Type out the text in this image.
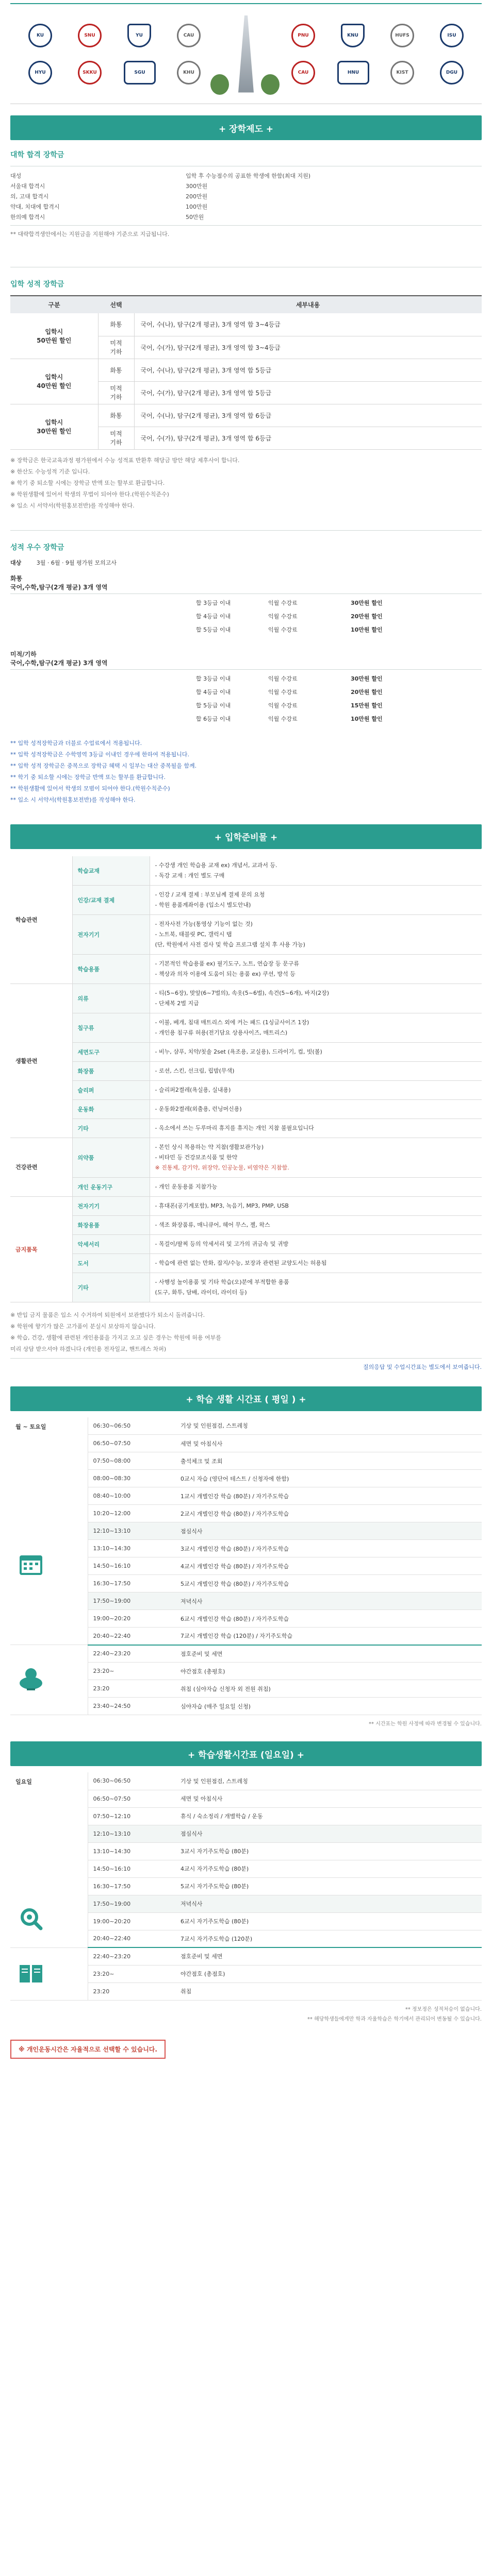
KU	SNU	YU	CAU
HYU	SKKU	SGU	KHU
PNU	KNU	HUFS	ISU
CAU	HNU	KIST	DGU
+ 장학제도 +
대학 합격 장학금
대성	입학 후 수능점수의 공표한 학생에 한함(최대 지원)
서울대 합격시	300만원
의, 고대 합격시	200만원
약대, 치대에 합격시	100만원
한의예 합격시	50만원
** 대략합격생안에서는 지원금을 지원해야 기준으로 지급됩니다.
입학 성적 장학금
구분	선택	세부내용
입학시
50만원 할인	화통	국어, 수(나), 탐구(2개 평균), 3개 영역 합 3~4등급
	미적
기하	국어, 수(가), 탐구(2개 평균), 3개 영역 합 3~4등급
입학시
40만원 할인	화통	국어, 수(나), 탐구(2개 평균), 3개 영역 합 5등급
	미적
기하	국어, 수(가), 탐구(2개 평균), 3개 영역 합 5등급
입학시
30만원 할인	화통	국어, 수(나), 탐구(2개 평균), 3개 영역 합 6등급
	미적
기하	국어, 수(가), 탐구(2개 평균), 3개 영역 합 6등급
※ 장학금은 한국교육과정 평가원에서 수능 성적표 반환후 해당금 방안 해당 제후사이 합니다.
※ 한산도 수능성적 기준 입니다.
※ 학기 중 퇴소할 시에는 장학금 반액 또는 할부로 환급합니다.
※ 학원생활에 있어서 학생의 무법이 되어야 한다.(학원수칙준수)
※ 입소 시 서약서(학원홍보전반)를 작성해야 한다.
성적 우수 장학금
대상	3월 · 6월 · 9월 평가원 모의고사
화통
국어,수학,탐구(2개 평균) 3개 영역
합 3등급 이내	익월 수강료	30만원 할인
합 4등급 이내	익월 수강료	20만원 할인
합 5등급 이내	익월 수강료	10만원 할인
미적/기하
국어,수학,탐구(2개 평균) 3개 영역
합 3등급 이내	익월 수강료	30만원 할인
합 4등급 이내	익월 수강료	20만원 할인
합 5등급 이내	익월 수강료	15만원 할인
합 6등급 이내	익월 수강료	10만원 할인
** 입학 성적장학금과 더블로 수업료에서 적용됩니다.
** 입학 성적장학금은 수학영역 3등급 이내인 경우에 한하여 적용됩니다.
** 입학 성적 장학금은 중복으로 장학금 혜택 시 일부는 대산 중복될을 함께.
** 학기 중 퇴소할 시에는 장학금 반액 또는 할부를 환급합니다.
** 학원생활에 있어서 학생의 모범이 되어야 한다.(학원수칙준수)
** 입소 시 서약서(학원홍보전반)를 작성해야 한다.
+ 입학준비물 +
학습관련	학습교재	- 수강생 개인 학습용 교재 ex) 개념서, 교과서 등.
- 독강 교재 : 개인 별도 구매

	인강/교재 결제	- 인강 / 교재 결제 : 부모님께 결제 문의 요청
- 학원 용품계좌이용 (입소시 별도안내)

	전자기기	- 전자사전 가능(통영상 기능이 없는 것)
- 노트북, 태블릿 PC, 갤럭시 탭
(단, 학원에서 사전 검사 및 학습 프로그램 설치 후 사용 가능)

	학습용품	- 기본적인 학습용품 ex) 필기도구, 노트, 연습장 등 문구류
- 책상과 의자 이용에 도움이 되는 용품 ex) 쿠션, 방석 등

생활관련	의류	- 티(5~6장), 맞앞(6~7벌의), 속옷(5~6벌), 속건(5~6개), 바지(2장)
- 단체복 2벌 지급

	침구류	- 이불, 베개, 침대 매트리스 외에 커는 패드 (1싱글사이즈 1장)
- 개인용 침구류 허용(전기담요 상용사이즈, 매트리스)

	세면도구	- 비누, 샴푸, 치약/칫솔 2set (욕조용, 교실용), 드라이기, 컵, 빗(볼)

	화장품	- 로션, 스킨, 선크림, 립밤(무색)

	슬리퍼	- 슬리퍼2켤레(욕실용, 실내용)

	운동화	- 운동화2켤레(외출용, 런닝머신용)

	기타	- 옥소에서 쓰는 두루마리 휴지를 휴지는 개인 지참 불필요입니다

건강관련	의약품	- 본인 상시 복용하는 약 지참(생활보관가능)
- 비타민 등 건강보조식품 및 한약
※ 진통제, 감기약, 위장약, 인공눈물, 비염약은 지참함.

	개인 운동기구	- 개인 운동용품 지참가능

금지품목	전자기기	- 휴대폰(공기계포함), MP3, 녹음기, MP3, PMP, USB

	화장용품	- 색조 화장품류, 매니큐어, 헤어 무스, 젤, 왁스

	악세서리	- 목걸이/팔찌 등의 악세서리 및 고가의 귀금속 및 귀방

	도서	- 학습에 관련 없는 만화, 잡지/수능, 보장과 관련된 교양도서는 허용됨

	기타	- 사행성 놀이용품 및 기타 학습(오)분에 부적합한 용품
(도구, 화투, 담배, 라이터, 라이터 등)
※ 반입 금지 물품은 입소 시 수거하여 퇴원에서 보관했다가 퇴소시 돌려줍니다.
※ 학원에 향기가 많은 고가품이 분실시 보상하지 않습니다.
※ 학습, 건강, 생활에 관련된 개인용품을 가지고 오고 싶은 경우는 학원에 허용 여부를
미리 상담 받으셔야 하겠니다 (개인용 전자일교, 핸트레스 차퍼)
질의응답 및 수업시간표는 별도에서 보여줍니다.
+ 학습 생활 시간표 ( 평일 ) +
월 ~ 토요일	06:30~06:50	기상 및 인원점검, 스트레칭
	06:50~07:50	세면 및 아침식사
	07:50~08:00	출석체크 및 조회
	08:00~08:30	0교시 자습 (영단어 테스트 / 신청자에 한함)
	08:40~10:00	1교시 개별인강 학습 (80분) / 자기주도학습
	10:20~12:00	2교시 개별인강 학습 (80분) / 자기주도학습
	12:10~13:10	점심식사
	13:10~14:30	3교시 개별인강 학습 (80분) / 자기주도학습
	14:50~16:10	4교시 개별인강 학습 (80분) / 자기주도학습
	16:30~17:50	5교시 개별인강 학습 (80분) / 자기주도학습
	17:50~19:00	저녁식사
	19:00~20:20	6교시 개별인강 학습 (80분) / 자기주도학습
	20:40~22:40	7교시 개별인강 학습 (120분) / 자기주도학습
	22:40~23:20	점호준비 및 세면
	23:20~	야간점호 (총평호)
	23:20	취침 (심야자습 신청자 외 전원 취침)
	23:40~24:50	심야자습 (매주 일요일 신청)
** 시간표는 학원 사정에 따라 변경될 수 있습니다.
+ 학습생활시간표 (일요일) +
일요일	06:30~06:50	기상 및 인원점검, 스트레칭
	06:50~07:50	세면 및 아침식사
	07:50~12:10	휴식 / 숙소정리 / 개별학습 / 운동
	12:10~13:10	점심식사
	13:10~14:30	3교시 자기주도학습 (80분)
	14:50~16:10	4교시 자기주도학습 (80분)
	16:30~17:50	5교시 자기주도학습 (80분)
	17:50~19:00	저녁식사
	19:00~20:20	6교시 자기주도학습 (80분)
	20:40~22:40	7교시 자기주도학습 (120분)
	22:40~23:20	점호준비 및 세면
	23:20~	야간점호 (총점호)
	23:20	취침
** 정보정은 성적처승이 없습니다.
** 해당학생들에게만 학과 자율학습은 학기에서 관리되어 변동될 수 있습니다.
※ 개인운동시간은 자율적으로 선택할 수 있습니다.
